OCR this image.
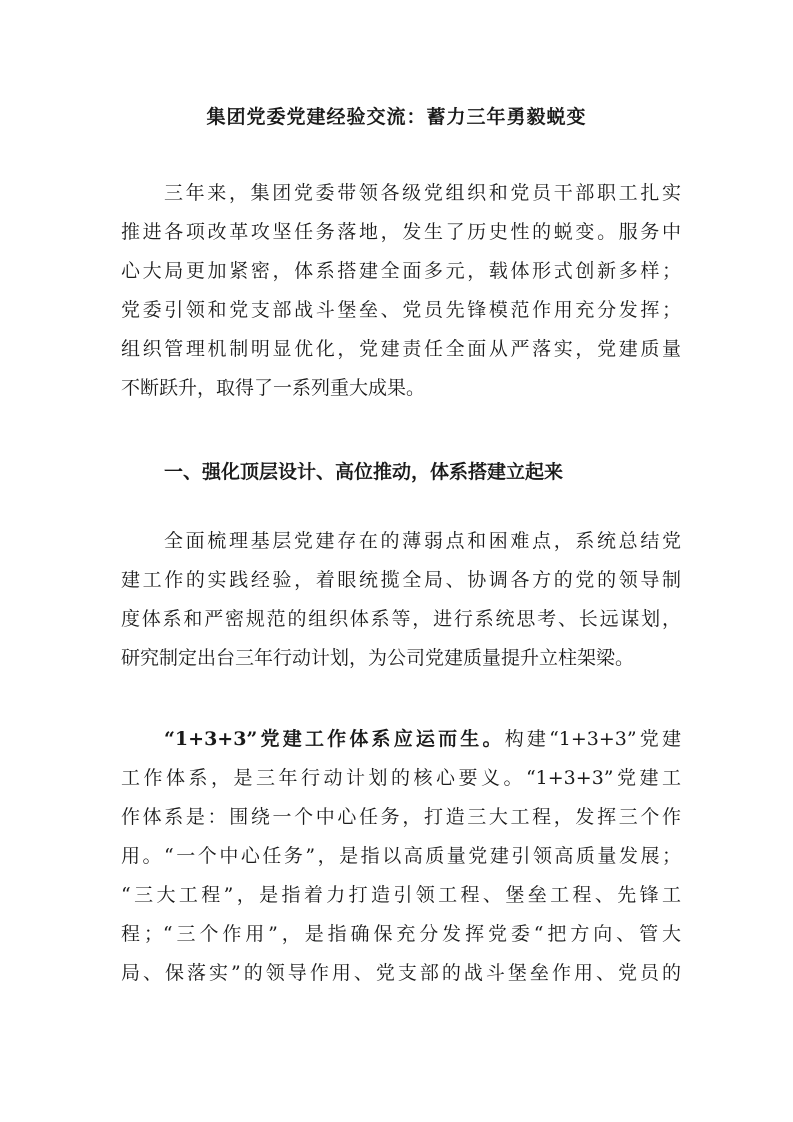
集团党委党建经验交流：蓄力三年勇毅蜕变
三年来，集团党委带领各级党组织和党员干部职工扎实
推进各项改革攻坚任务落地，发生了历史性的蜕变。服务中
心大局更加紧密，体系搭建全面多元，载体形式创新多样；
党委引领和党支部战斗堡垒、党员先锋模范作用充分发挥；
组织管理机制明显优化，党建责任全面从严落实，党建质量
不断跃升，取得了一系列重大成果。
一、强化顶层设计、高位推动，体系搭建立起来
全面梳理基层党建存在的薄弱点和困难点，系统总结党
建工作的实践经验，着眼统揽全局、协调各方的党的领导制
度体系和严密规范的组织体系等，进行系统思考、长远谋划，
研究制定出台三年行动计划，为公司党建质量提升立柱架梁。
“1+3+3”党建工作体系应运而生。构建“1+3+3”党建
工作体系，是三年行动计划的核心要义。“1+3+3”党建工
作体系是：围绕一个中心任务，打造三大工程，发挥三个作
用。“一个中心任务”，是指以高质量党建引领高质量发展；
“三大工程”，是指着力打造引领工程、堡垒工程、先锋工
程；“三个作用”，是指确保充分发挥党委“把方向、管大
局、保落实”的领导作用、党支部的战斗堡垒作用、党员的
